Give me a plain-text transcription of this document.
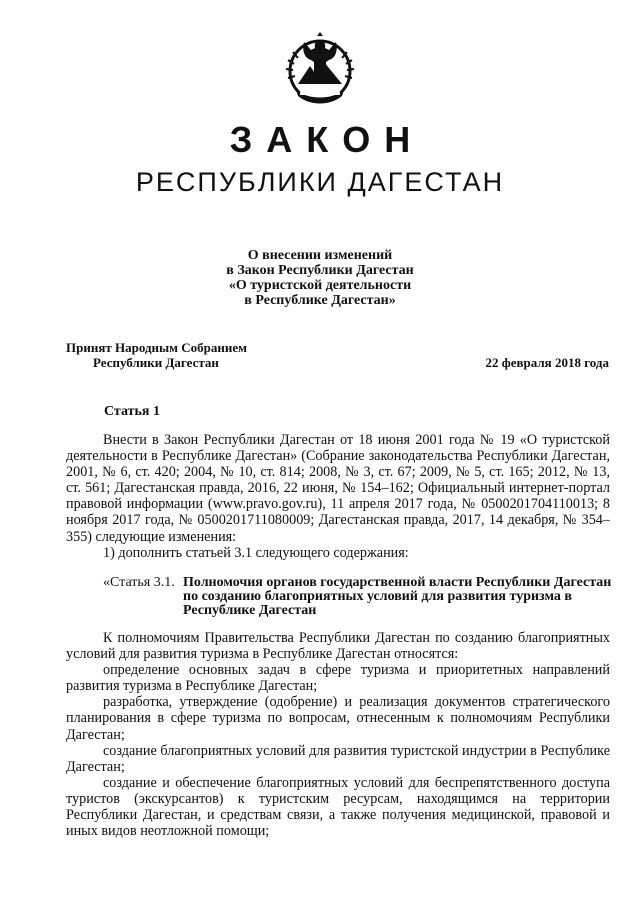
ЗАКОН
РЕСПУБЛИКИ ДАГЕСТАН
О внесении изменений
в Закон Республики Дагестан
«О туристской деятельности
в Республике Дагестан»
Принят Народным Собранием
Республики Дагестан	22 февраля 2018 года
Статья 1

Внести в Закон Республики Дагестан от 18 июня 2001 года № 19 «О туристской деятельности в Республике Дагестан» (Собрание законодательства Республики Дагестан, 2001, № 6, ст. 420; 2004, № 10, ст. 814; 2008, № 3, ст. 67; 2009, № 5, ст. 165; 2012, № 13, ст. 561; Дагестанская правда, 2016, 22 июня, № 154–162; Официальный интернет-портал правовой информации (www.pravo.gov.ru), 11 апреля 2017 года, № 0500201704110013; 8 ноября 2017 года, № 0500201711080009; Дагестанская правда, 2017, 14 декабря, № 354–355) следующие изменения:

1) дополнить статьей 3.1 следующего содержания:

«Статья 3.1. Полномочия органов государственной власти Республики Дагестан по созданию благоприятных условий для развития туризма в Республике Дагестан

К полномочиям Правительства Республики Дагестан по созданию благоприятных условий для развития туризма в Республике Дагестан относятся:

определение основных задач в сфере туризма и приоритетных направлений развития туризма в Республике Дагестан;

разработка, утверждение (одобрение) и реализация документов стратегического планирования в сфере туризма по вопросам, отнесенным к полномочиям Республики Дагестан;

создание благоприятных условий для развития туристской индустрии в Республике Дагестан;

создание и обеспечение благоприятных условий для беспрепятственного доступа туристов (экскурсантов) к туристским ресурсам, находящимся на территории Республики Дагестан, и средствам связи, а также получения медицинской, правовой и иных видов неотложной помощи;
